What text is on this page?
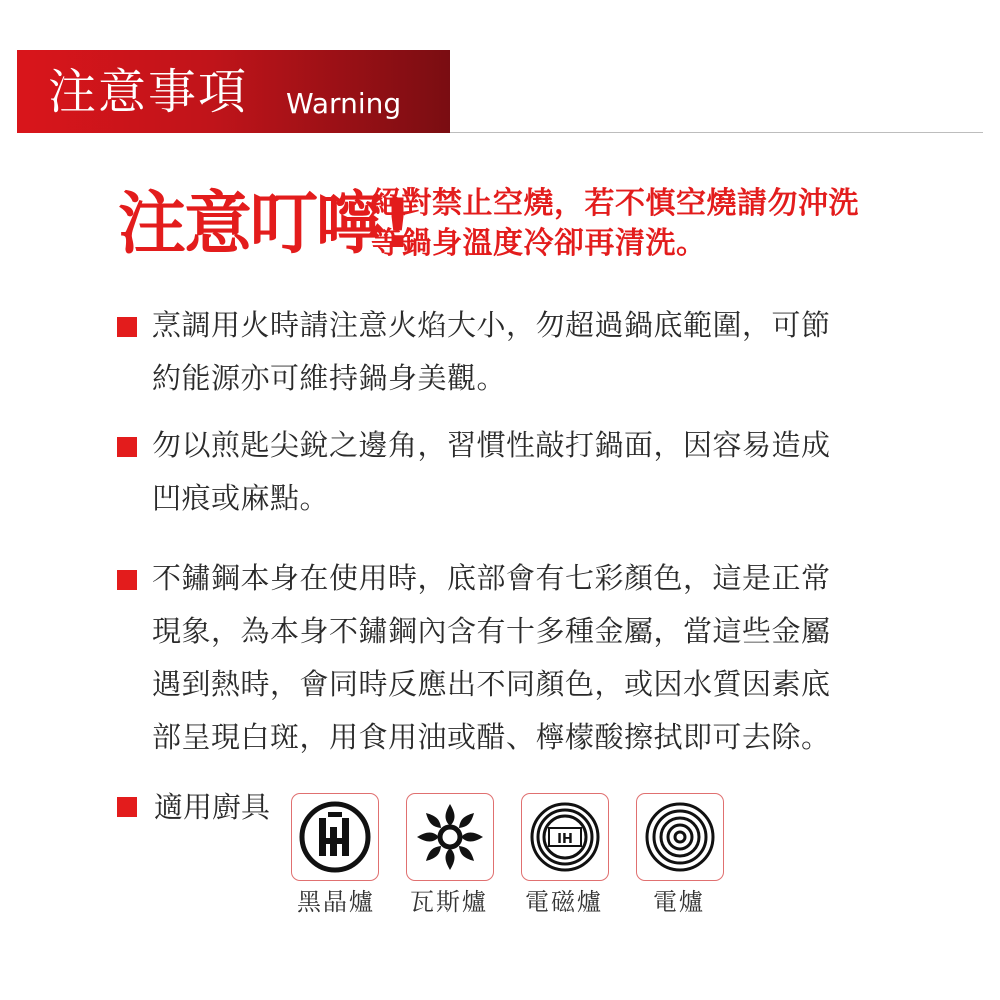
注意事項 Warning
注意叮嚀!
絕對禁止空燒，若不慎空燒請勿沖洗
等鍋身溫度冷卻再清洗。
烹調用火時請注意火焰大小，勿超過鍋底範圍，可節
約能源亦可維持鍋身美觀。
勿以煎匙尖銳之邊角，習慣性敲打鍋面，因容易造成
凹痕或麻點。
不鏽鋼本身在使用時，底部會有七彩顏色，這是正常
現象，為本身不鏽鋼內含有十多種金屬，當這些金屬
遇到熱時，會同時反應出不同顏色，或因水質因素底
部呈現白斑，用食用油或醋、檸檬酸擦拭即可去除。
適用廚具
IH
黑晶爐 瓦斯爐 電磁爐 電爐
